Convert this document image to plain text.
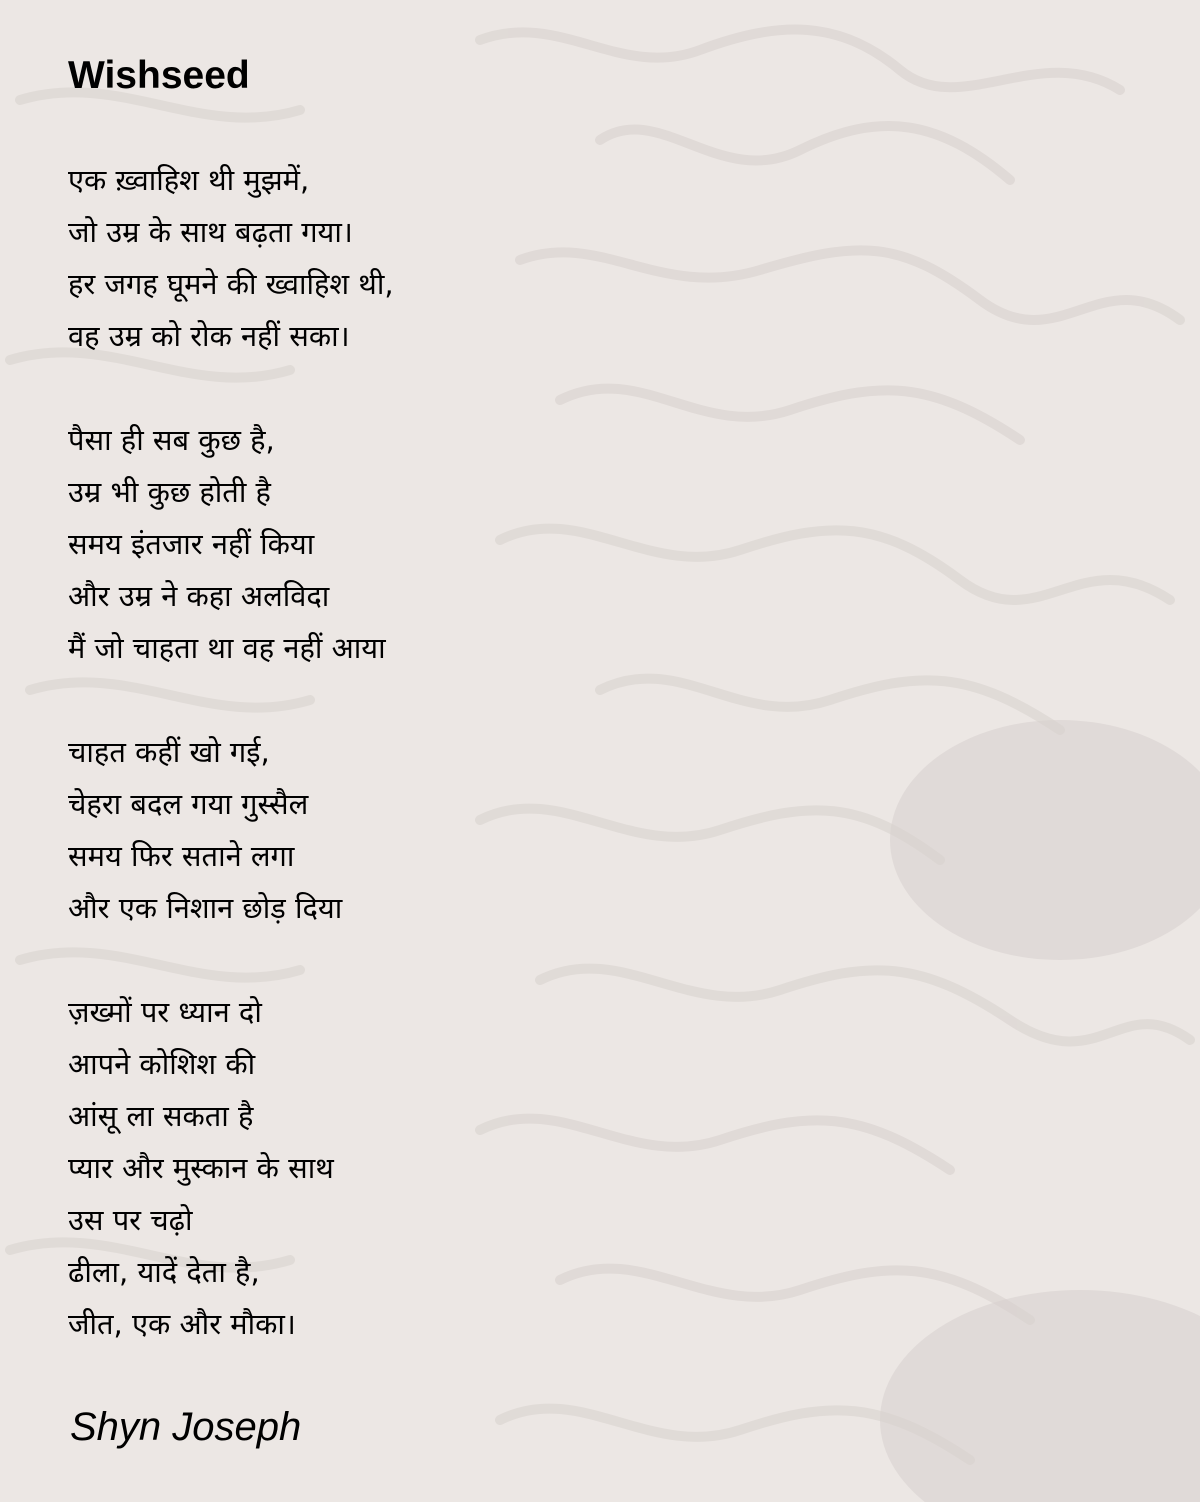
Wishseed
एक ख़्वाहिश थी मुझमें,
जो उम्र के साथ बढ़ता गया।
हर जगह घूमने की ख्वाहिश थी,
वह उम्र को रोक नहीं सका।
पैसा ही सब कुछ है,
उम्र भी कुछ होती है
समय इंतजार नहीं किया
और उम्र ने कहा अलविदा
मैं जो चाहता था वह नहीं आया
चाहत कहीं खो गई,
चेहरा बदल गया गुस्सैल
समय फिर सताने लगा
और एक निशान छोड़ दिया
ज़ख्मों पर ध्यान दो
आपने कोशिश की
आंसू ला सकता है
प्यार और मुस्कान के साथ
उस पर चढ़ो
ढीला, यादें देता है,
जीत, एक और मौका।
Shyn Joseph
